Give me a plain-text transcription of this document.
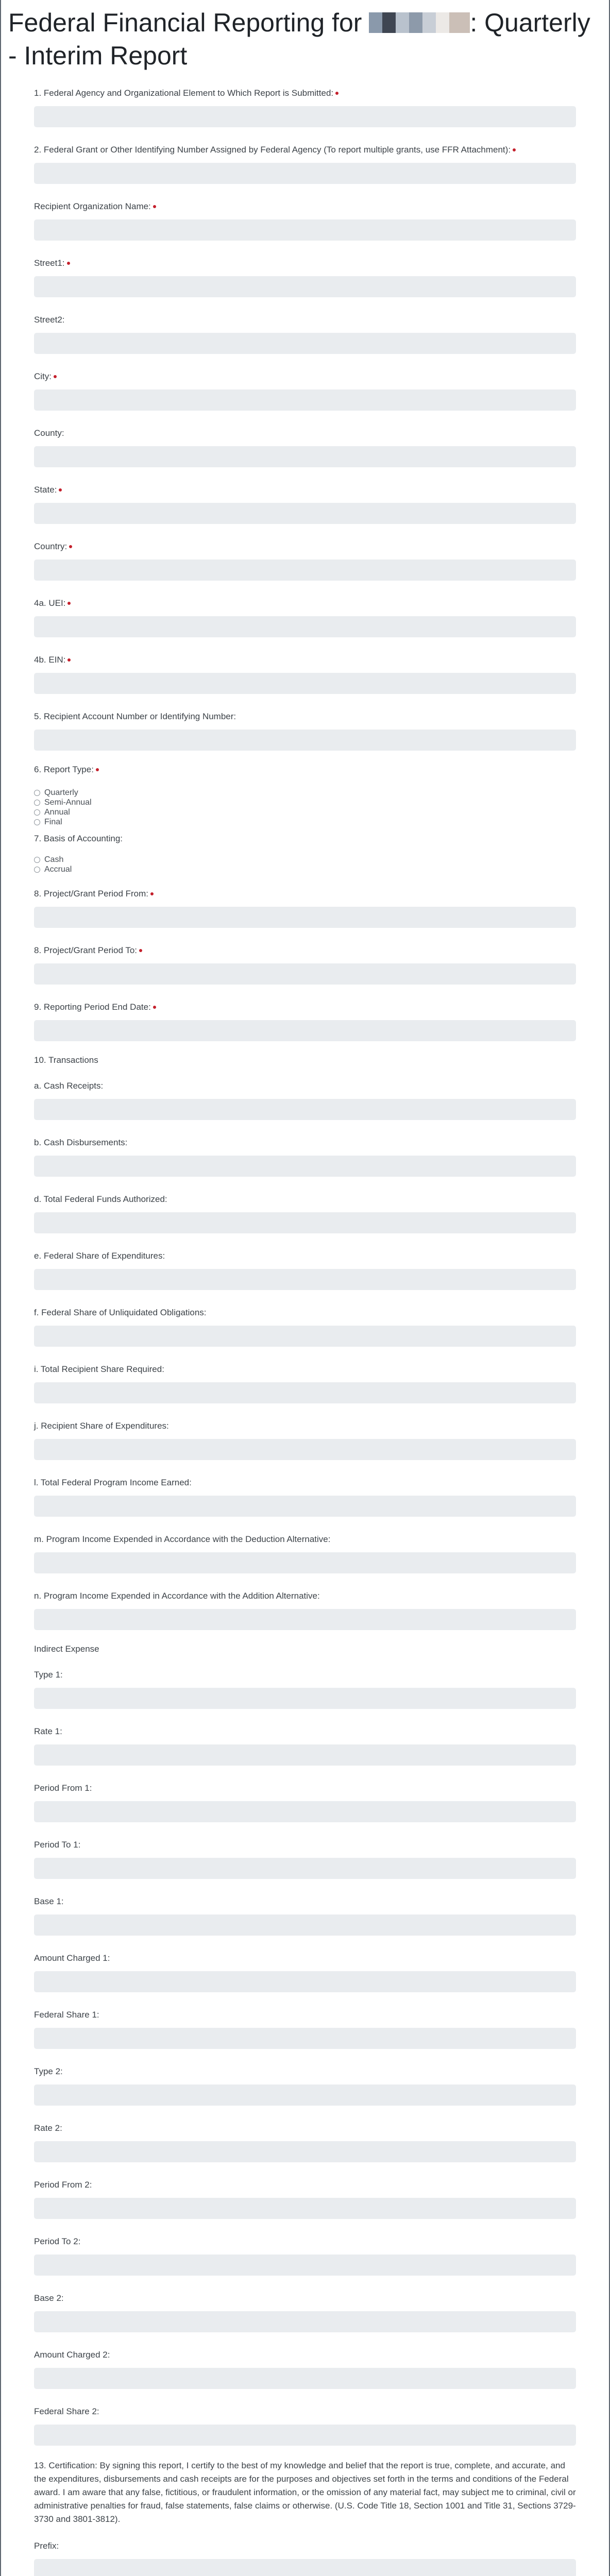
Federal Financial Reporting for	: Quarterly - Interim Report
1. Federal Agency and Organizational Element to Which Report is Submitted:
2. Federal Grant or Other Identifying Number Assigned by Federal Agency (To report multiple grants, use FFR Attachment):
Recipient Organization Name:
Street1:
Street2:
City:
County:
State:
Country:
4a. UEI:
4b. EIN:
5. Recipient Account Number or Identifying Number:
6. Report Type:
Quarterly
Semi-Annual
Annual
Final
7. Basis of Accounting:
Cash
Accrual
8. Project/Grant Period From:
8. Project/Grant Period To:
9. Reporting Period End Date:
10. Transactions
a. Cash Receipts:
b. Cash Disbursements:
d. Total Federal Funds Authorized:
e. Federal Share of Expenditures:
f. Federal Share of Unliquidated Obligations:
i. Total Recipient Share Required:
j. Recipient Share of Expenditures:
l. Total Federal Program Income Earned:
m. Program Income Expended in Accordance with the Deduction Alternative:
n. Program Income Expended in Accordance with the Addition Alternative:
Indirect Expense
Type 1:
Rate 1:
Period From 1:
Period To 1:
Base 1:
Amount Charged 1:
Federal Share 1:
Type 2:
Rate 2:
Period From 2:
Period To 2:
Base 2:
Amount Charged 2:
Federal Share 2:
13. Certification: By signing this report, I certify to the best of my knowledge and belief that the report is true, complete, and accurate, and the expenditures, disbursements and cash receipts are for the purposes and objectives set forth in the terms and conditions of the Federal award. I am aware that any false, fictitious, or fraudulent information, or the omission of any material fact, may subject me to criminal, civil or administrative penalties for fraud, false statements, false claims or otherwise. (U.S. Code Title 18, Section 1001 and Title 31, Sections 3729-3730 and 3801-3812).
Prefix:
